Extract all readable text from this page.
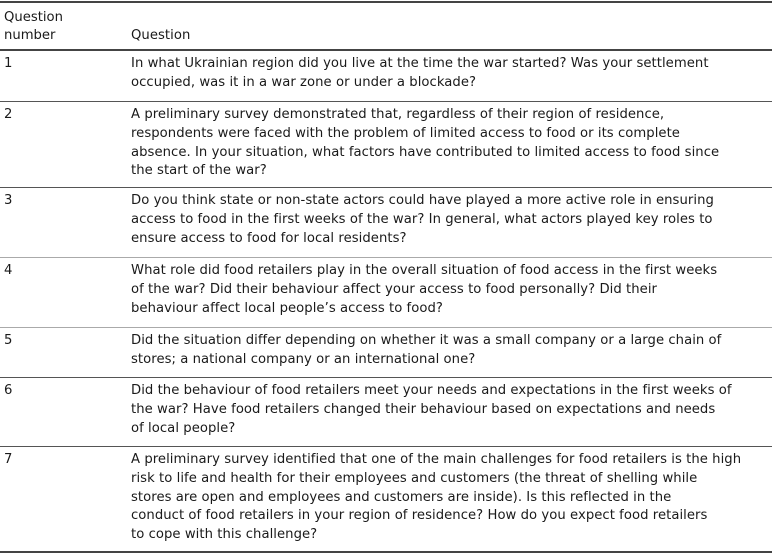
Question
number	Question
1	In what Ukrainian region did you live at the time the war started? Was your settlement
occupied, was it in a war zone or under a blockade?
2	A preliminary survey demonstrated that, regardless of their region of residence,
respondents were faced with the problem of limited access to food or its complete
absence. In your situation, what factors have contributed to limited access to food since
the start of the war?
3	Do you think state or non-state actors could have played a more active role in ensuring
access to food in the first weeks of the war? In general, what actors played key roles to
ensure access to food for local residents?
4	What role did food retailers play in the overall situation of food access in the first weeks
of the war? Did their behaviour affect your access to food personally? Did their
behaviour affect local people’s access to food?
5	Did the situation differ depending on whether it was a small company or a large chain of
stores; a national company or an international one?
6	Did the behaviour of food retailers meet your needs and expectations in the first weeks of
the war? Have food retailers changed their behaviour based on expectations and needs
of local people?
7	A preliminary survey identified that one of the main challenges for food retailers is the high
risk to life and health for their employees and customers (the threat of shelling while
stores are open and employees and customers are inside). Is this reflected in the
conduct of food retailers in your region of residence? How do you expect food retailers
to cope with this challenge?
